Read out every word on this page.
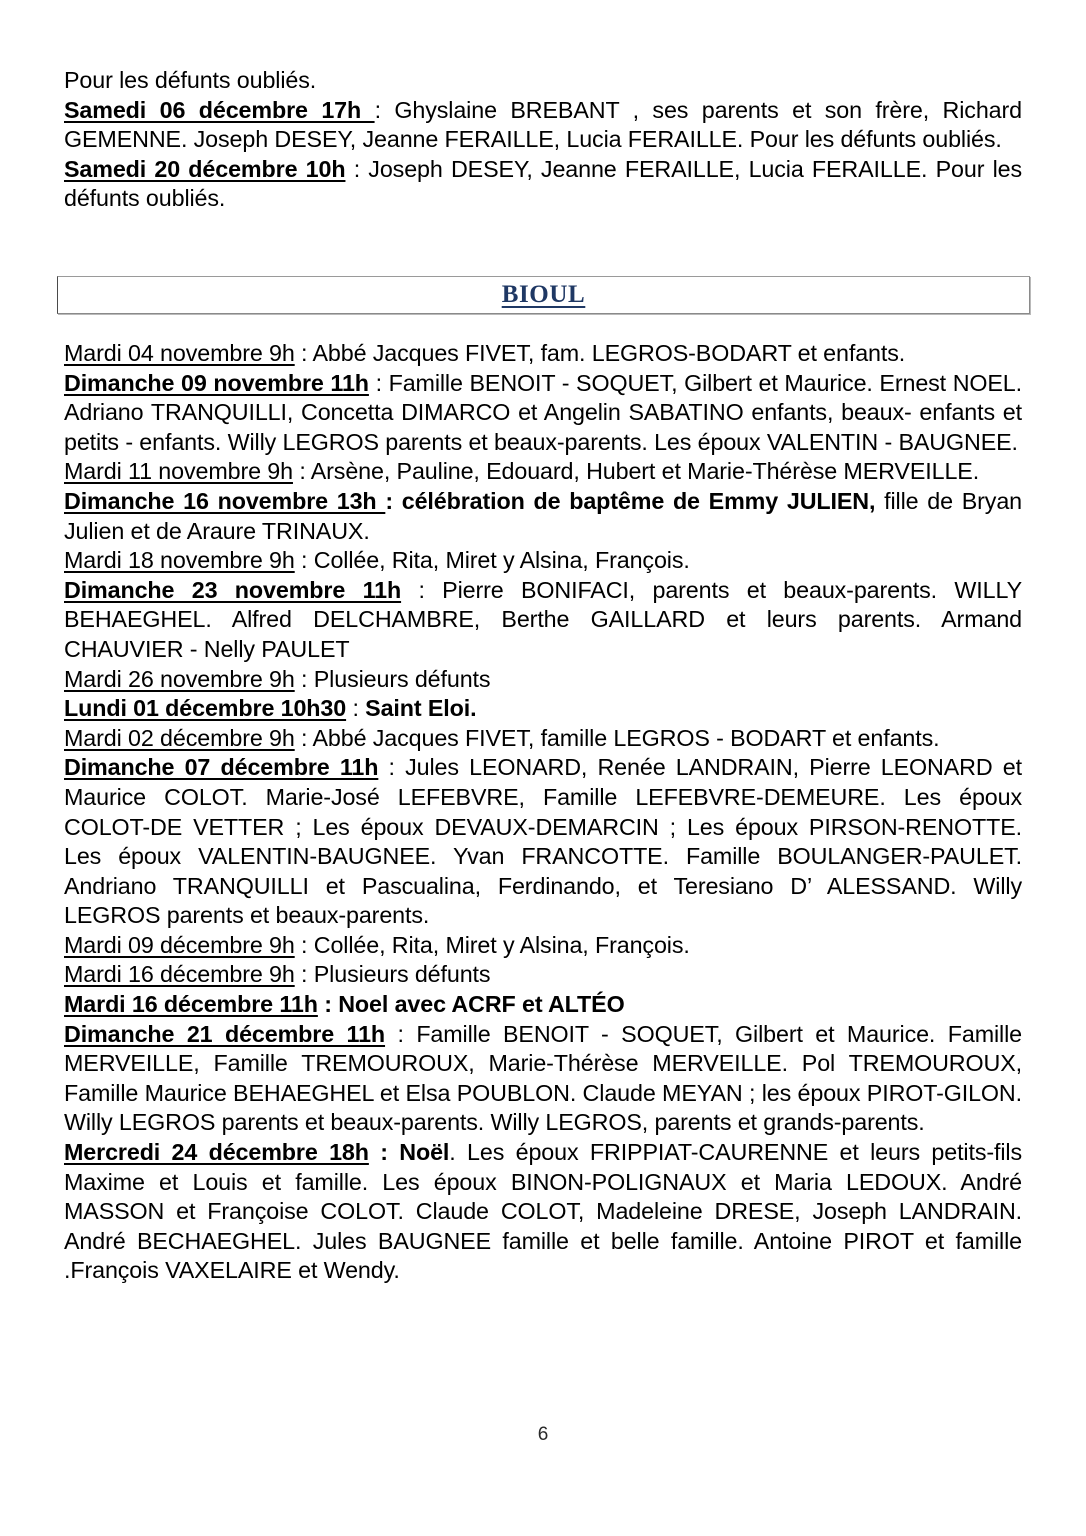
Pour les défunts oubliés.
Samedi 06 décembre 17h : Ghyslaine BREBANT , ses parents et son frère, Richard GEMENNE. Joseph DESEY, Jeanne FERAILLE, Lucia FERAILLE. Pour les défunts oubliés.
Samedi 20 décembre 10h : Joseph DESEY, Jeanne FERAILLE, Lucia FERAILLE. Pour les défunts oubliés.
BIOUL
Mardi 04 novembre 9h : Abbé Jacques FIVET, fam. LEGROS-BODART et enfants.
Dimanche 09 novembre 11h : Famille BENOIT - SOQUET, Gilbert et Maurice. Ernest NOEL. Adriano TRANQUILLI, Concetta DIMARCO et Angelin SABATINO enfants, beaux- enfants et petits - enfants. Willy LEGROS parents et beaux-parents. Les époux VALENTIN - BAUGNEE.
Mardi 11 novembre 9h : Arsène, Pauline, Edouard, Hubert et Marie-Thérèse MERVEILLE.
Dimanche 16 novembre 13h : célébration de baptême de Emmy JULIEN, fille de Bryan Julien et de Araure TRINAUX.
Mardi 18 novembre 9h : Collée, Rita, Miret y Alsina, François.
Dimanche 23 novembre 11h : Pierre BONIFACI, parents et beaux-parents. WILLY BEHAEGHEL. Alfred DELCHAMBRE, Berthe GAILLARD et leurs parents. Armand CHAUVIER - Nelly PAULET
Mardi 26 novembre 9h : Plusieurs défunts
Lundi 01 décembre 10h30 : Saint Eloi.
Mardi 02 décembre 9h : Abbé Jacques FIVET, famille LEGROS - BODART et enfants.
Dimanche 07 décembre 11h : Jules LEONARD, Renée LANDRAIN, Pierre LEONARD et Maurice COLOT. Marie-José LEFEBVRE, Famille LEFEBVRE-DEMEURE. Les époux COLOT-DE VETTER ; Les époux DEVAUX-DEMARCIN ; Les époux PIRSON-RENOTTE. Les époux VALENTIN-BAUGNEE. Yvan FRANCOTTE. Famille BOULANGER-PAULET. Andriano TRANQUILLI et Pascualina, Ferdinando, et Teresiano D’ ALESSAND. Willy LEGROS parents et beaux-parents.
Mardi 09 décembre 9h : Collée, Rita, Miret y Alsina, François.
Mardi 16 décembre 9h : Plusieurs défunts
Mardi 16 décembre 11h : Noel avec ACRF et ALTÉO
Dimanche 21 décembre 11h : Famille BENOIT - SOQUET, Gilbert et Maurice. Famille MERVEILLE, Famille TREMOUROUX, Marie-Thérèse MERVEILLE. Pol TREMOUROUX, Famille Maurice BEHAEGHEL et Elsa POUBLON. Claude MEYAN ; les époux PIROT-GILON. Willy LEGROS parents et beaux-parents. Willy LEGROS, parents et grands-parents.
Mercredi 24 décembre 18h : Noël. Les époux FRIPPIAT-CAURENNE et leurs petits-fils Maxime et Louis et famille. Les époux BINON-POLIGNAUX et Maria LEDOUX. André MASSON et Françoise COLOT. Claude COLOT, Madeleine DRESE, Joseph LANDRAIN. André BECHAEGHEL. Jules BAUGNEE famille et belle famille. Antoine PIROT et famille .François VAXELAIRE et Wendy.
6
